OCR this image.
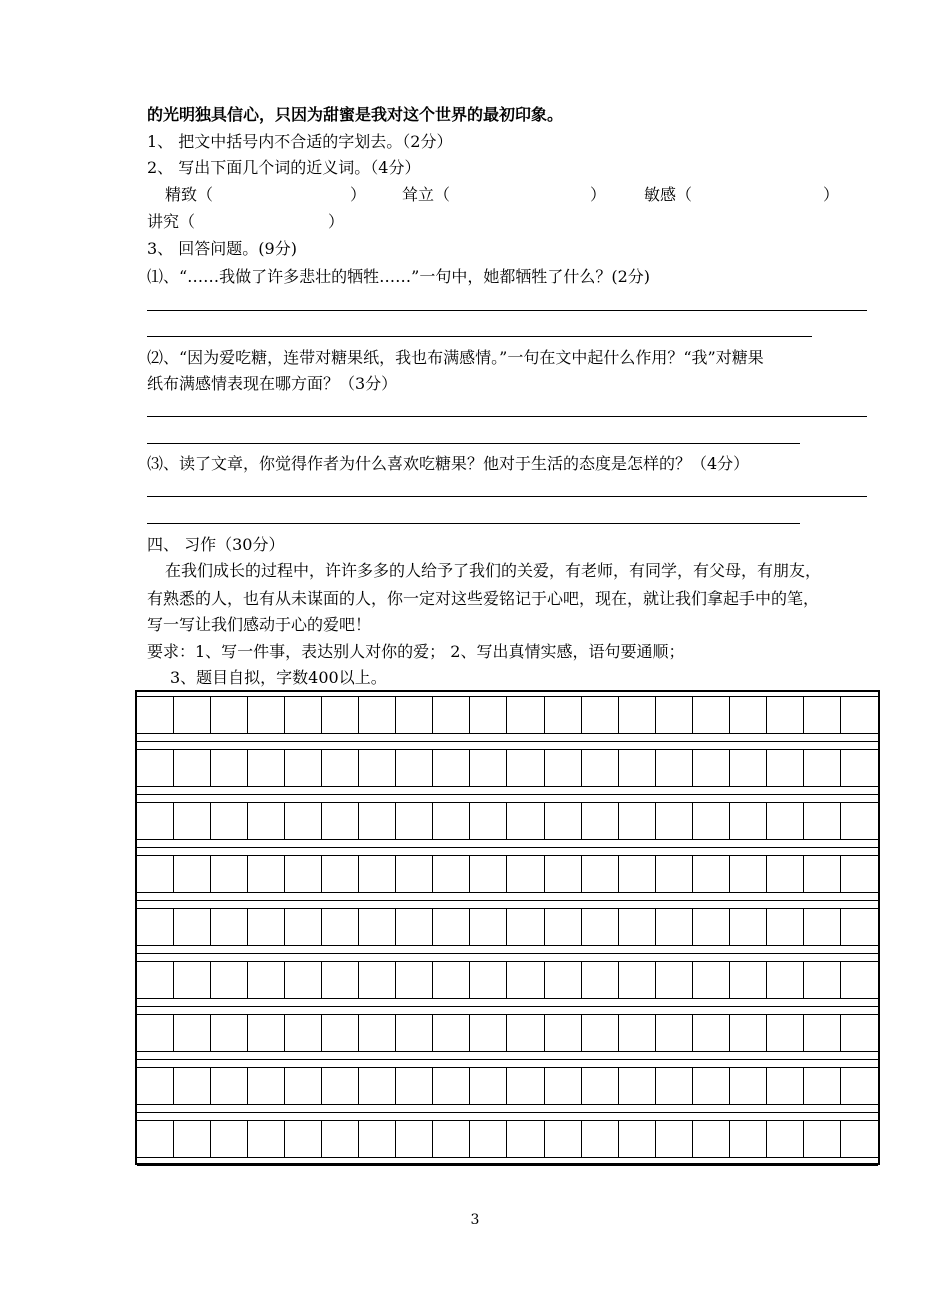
的光明独具信心，只因为甜蜜是我对这个世界的最初印象。
1、 把文中括号内不合适的字划去。（2分）
2、 写出下面几个词的近义词。（4分）
精致（	） 耸立（	） 敏感（	）
讲究（	）
3、 回答问题。(9分)
⑴、“……我做了许多悲壮的牺牲……”一句中，她都牺牲了什么？(2分)
⑵、“因为爱吃糖，连带对糖果纸，我也布满感情。”一句在文中起什么作用？“我”对糖果
纸布满感情表现在哪方面？（3分）
⑶、读了文章，你觉得作者为什么喜欢吃糖果？他对于生活的态度是怎样的？（4分）
四、 习作（30分）
在我们成长的过程中，许许多多的人给予了我们的关爱，有老师，有同学，有父母，有朋友，
有熟悉的人，也有从未谋面的人，你一定对这些爱铭记于心吧，现在，就让我们拿起手中的笔，
写一写让我们感动于心的爱吧！
要求：1、写一件事，表达别人对你的爱； 2、写出真情实感，语句要通顺；
3、题目自拟，字数400以上。
3
